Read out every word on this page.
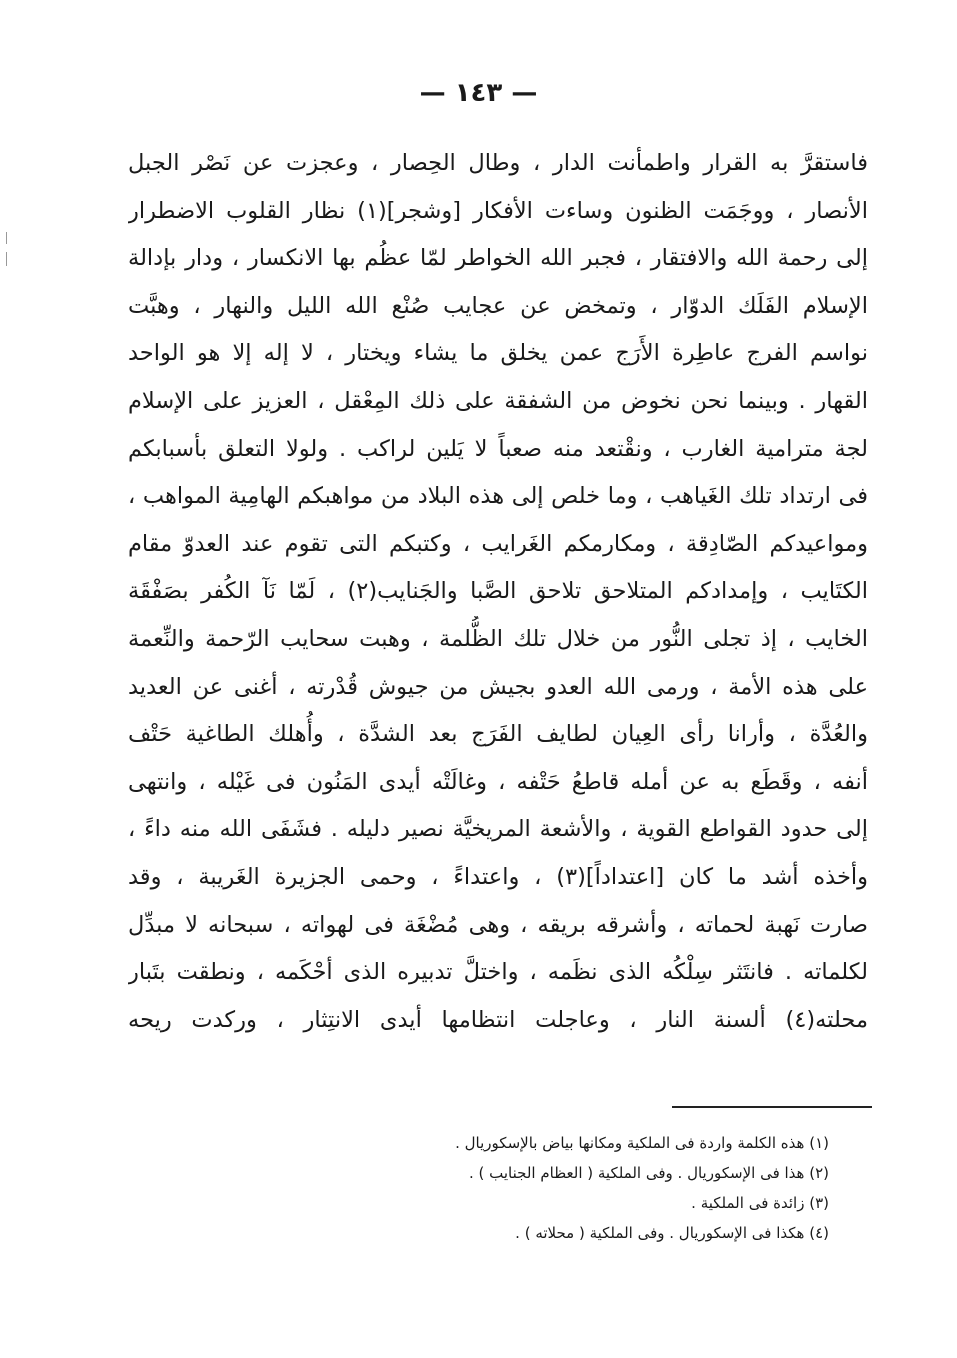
— ١٤٣ —
فاستقرَّ به القرار واطمأنت الدار ، وطال الحِصار ، وعجزت عن نَصْر الجبل
الأنصار ، ووجَمَت الظنون وساءت الأفكار [وشجر](١) نظار القلوب الاضطرار
إلى رحمة الله والافتقار ، فجبر الله الخواطر لمّا عظُم بها الانكسار ، ودار بإدالة
الإسلام الفَلَك الدوّار ، وتمخض عن عجايب صُنْع الله الليل والنهار ، وهبَّت
نواسم الفرج عاطِرة الأَرَج عمن يخلق ما يشاء ويختار ، لا إله إلا هو الواحد
القهار . وبينما نحن نخوض من الشفقة على ذلك المِعْقل ، العزيز على الإسلام
لجة مترامية الغارب ، ونقْتعد منه صعباً لا يَلين لراكب . ولولا التعلق بأسبابكم
فى ارتداد تلك الغَياهب ، وما خلص إلى هذه البلاد من مواهبكم الهامِية المواهب ،
ومواعيدكم الصّادِقة ، ومكارمكم الغَرايب ، وكتبكم التى تقوم عند العدوّ مقام
الكتَايب ، وإمدادكم المتلاحق تلاحق الصَّبا والجَنايب(٢) ، لَمّا نَآ الكُفر بصَفْقَة
الخايب ، إذ تجلى النُّور من خلال تلك الظُّلمة ، وهبت سحايب الرّحمة والنِّعمة
على هذه الأمة ، ورمى الله العدو بجيش من جيوش قُدْرته ، أغنى عن العديد
والعُدَّة ، وأرانا رأى العِيان لطايف الفَرَج بعد الشدَّة ، وأُهلك الطاغية حَتْف
أنفه ، وقَطَع به عن أمله قاطعُ حَتْفه ، وغالَتْه أيدى المَنُون فى غَيْله ، وانتهى
إلى حدود القواطع القوية ، والأشعة المريخيَّة نصير دليله . فشَفَى الله منه داءً ،
وأخذه أشد ما كان [اعتداداً](٣) ، واعتداءً ، وحمى الجزيرة الغَريبة ، وقد
صارت نَهبة لحماته ، وأشرقه بريقه ، وهى مُضْغَة فى لهواته ، سبحانه لا مبدِّل
لكلماته . فانتَثر سِلْكُه الذى نظَمه ، واختلَّ تدبيره الذى أحْكَمه ، ونطقت بتَبار
محلته(٤) ألسنة النار ، وعاجلت انتظامها أيدى الانتِثار ، وركدت ريحه
(١) هذه الكلمة واردة فى الملكية ومكانها بياض بالإسكوريال .
(٢) هذا فى الإسكوريال . وفى الملكية ( العظام الجنايب ) .
(٣) زائدة فى الملكية .
(٤) هكذا فى الإسكوريال . وفى الملكية ( محلاته ) .
